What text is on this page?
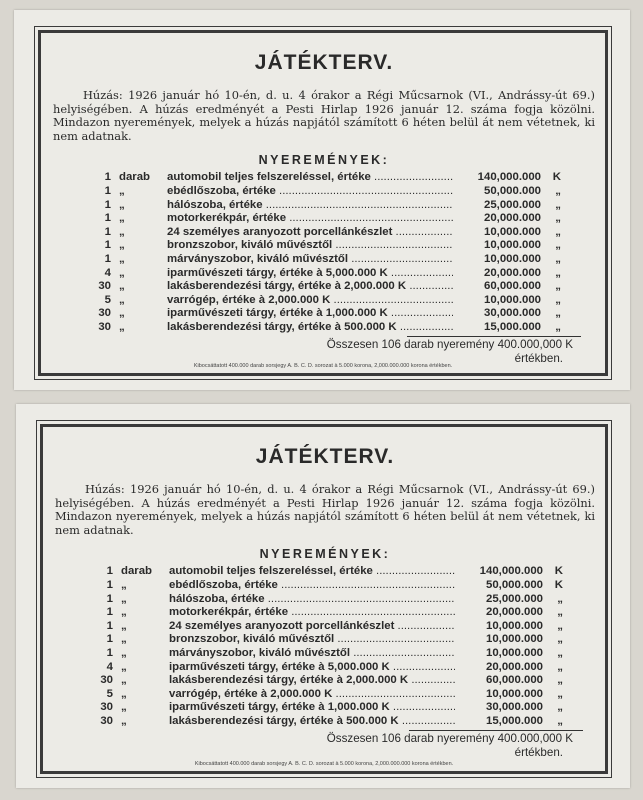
JÁTÉKTERV.

Húzás: 1926 január hó 10-én, d. u. 4 órakor a Régi Műcsarnok (VI., Andrássy-út 69.) helyiségében. A húzás eredményét a Pesti Hirlap 1926 január 12. száma fogja közölni. Mindazon nyeremények, melyek a húzás napjától számított 6 héten belül át nem vétetnek, ki nem adatnak.

NYEREMÉNYEK:
1 darab	automobil teljes felszereléssel, értéke .....	140,000.000	K
1 „	ebédlőszoba, értéke .....	50,000.000	„
1 „	hálószoba, értéke .....	25,000.000	„
1 „	motorkerékpár, értéke .....	20,000.000	„
1 „	24 személyes aranyozott porcellánkészlet .....	10,000.000	„
1 „	bronzszobor, kiváló művésztől .....	10,000.000	„
1 „	márványszobor, kiváló művésztől .....	10,000.000	„
4 „	iparművészeti tárgy, értéke à 5,000.000 K .....	20,000.000	„
30 „	lakásberendezési tárgy, értéke à 2,000.000 K .....	60,000.000	„
5 „	varrógép, értéke à 2,000.000 K .....	10,000.000	„
30 „	iparművészeti tárgy, értéke à 1,000.000 K .....	30,000.000	„
30 „	lakásberendezési tárgy, értéke à 500.000 K .....	15,000.000	„
Összesen 106 darab nyeremény 400.000,000 K
értékben.
Kibocsáttatott 400.000 darab sorsjegy A. B. C. D. sorozat à 5.000 korona, 2,000.000.000 korona értékben.
JÁTÉKTERV.

Húzás: 1926 január hó 10-én, d. u. 4 órakor a Régi Műcsarnok (VI., Andrássy-út 69.) helyiségében. A húzás eredményét a Pesti Hirlap 1926 január 12. száma fogja közölni. Mindazon nyeremények, melyek a húzás napjától számított 6 héten belül át nem vétetnek, ki nem adatnak.

NYEREMÉNYEK:
1 darab	automobil teljes felszereléssel, értéke .....	140,000.000	K
1 „	ebédlőszoba, értéke .....	50,000.000	K
1 „	hálószoba, értéke .....	25,000.000	„
1 „	motorkerékpár, értéke .....	20,000.000	„
1 „	24 személyes aranyozott porcellánkészlet .....	10,000.000	„
1 „	bronzszobor, kiváló művésztől .....	10,000.000	„
1 „	márványszobor, kiváló művésztől .....	10,000.000	„
4 „	iparművészeti tárgy, értéke à 5,000.000 K .....	20,000.000	„
30 „	lakásberendezési tárgy, értéke à 2,000.000 K .....	60,000.000	„
5 „	varrógép, értéke à 2,000.000 K .....	10,000.000	„
30 „	iparművészeti tárgy, értéke à 1,000.000 K .....	30,000.000	„
30 „	lakásberendezési tárgy, értéke à 500.000 K .....	15,000.000	„
Összesen 106 darab nyeremény 400.000,000 K
értékben.
Kibocsáttatott 400.000 darab sorsjegy A. B. C. D. sorozat à 5.000 korona, 2,000.000.000 korona értékben.
